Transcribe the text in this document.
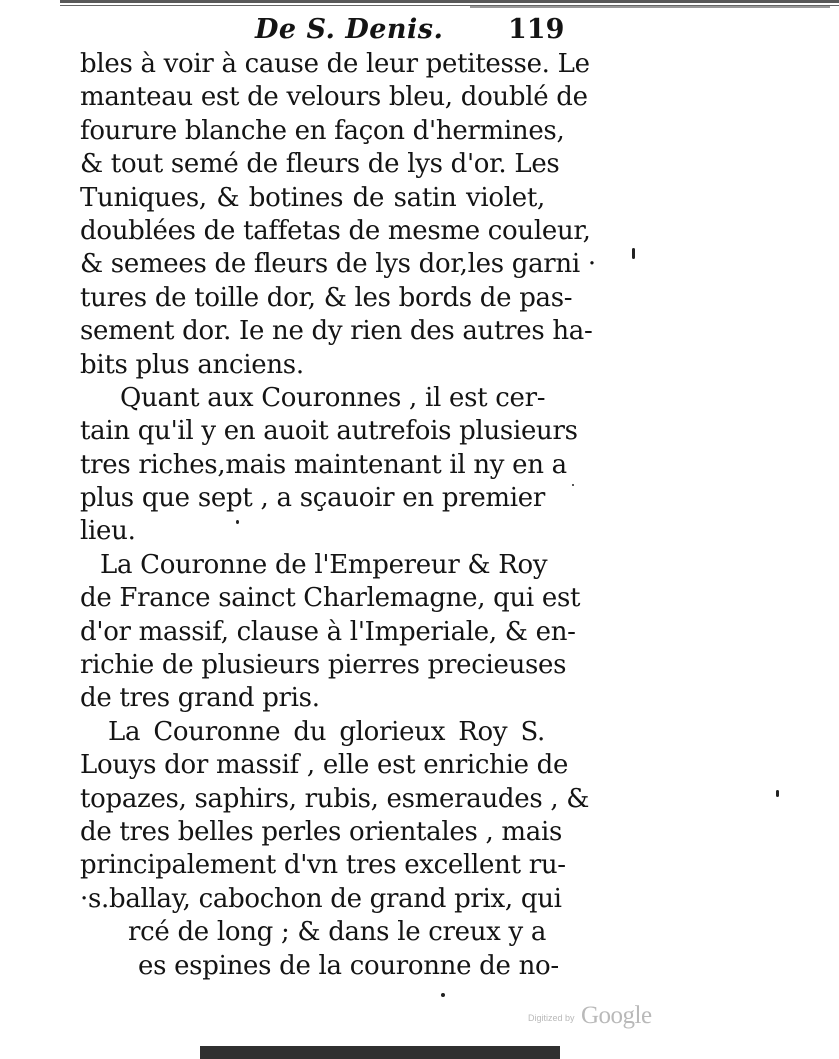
De S. Denis. 119
bles à voir à cause de leur petitesse. Le
manteau est de velours bleu, doublé de
fourure blanche en façon d'hermines,
& tout semé de fleurs de lys d'or. Les
Tuniques, & botines de satin violet,
doublées de taffetas de mesme couleur,
& semees de fleurs de lys dor,les garni ·
tures de toille dor, & les bords de pas-
sement dor. Ie ne dy rien des autres ha-
bits plus anciens.
Quant aux Couronnes , il est cer-
tain qu'il y en auoit autrefois plusieurs
tres riches,mais maintenant il ny en a
plus que sept , a sçauoir en premier
lieu.
La Couronne de l'Empereur & Roy
de France sainct Charlemagne, qui est
d'or massif, clause à l'Imperiale, & en-
richie de plusieurs pierres precieuses
de tres grand pris.
La Couronne du glorieux Roy S.
Louys dor massif , elle est enrichie de
topazes, saphirs, rubis, esmeraudes , &
de tres belles perles orientales , mais
principalement d'vn tres excellent ru-
·s.ballay, cabochon de grand prix, qui
rcé de long ; & dans le creux y a
es espines de la couronne de no-
Digitized by Google
